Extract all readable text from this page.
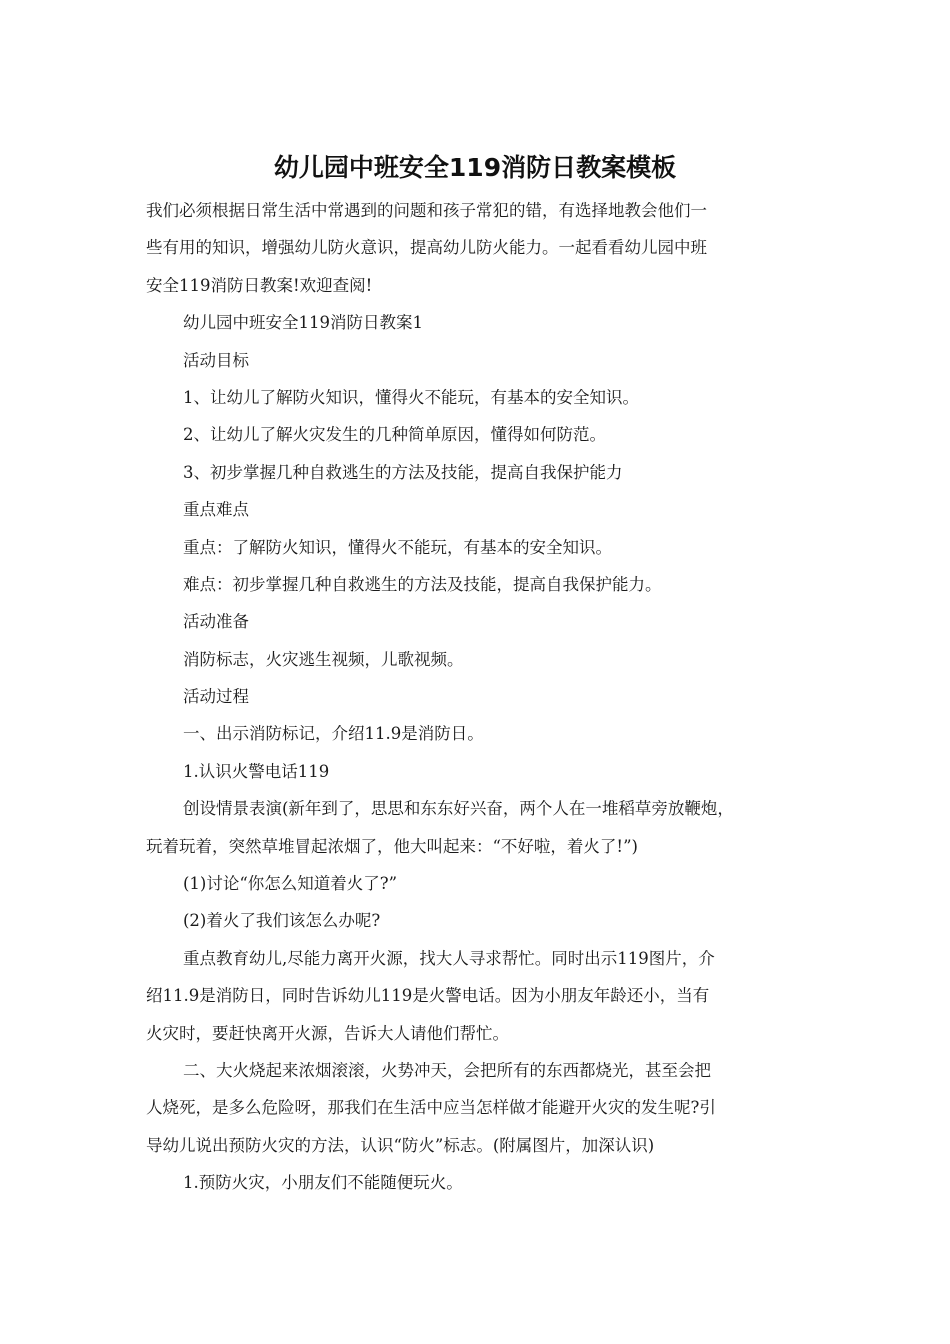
幼儿园中班安全119消防日教案模板
我们必须根据日常生活中常遇到的问题和孩子常犯的错，有选择地教会他们一
些有用的知识，增强幼儿防火意识，提高幼儿防火能力。一起看看幼儿园中班
安全119消防日教案!欢迎查阅!
幼儿园中班安全119消防日教案1
活动目标
1、让幼儿了解防火知识，懂得火不能玩，有基本的安全知识。
2、让幼儿了解火灾发生的几种简单原因，懂得如何防范。
3、初步掌握几种自救逃生的方法及技能，提高自我保护能力
重点难点
重点：了解防火知识，懂得火不能玩，有基本的安全知识。
难点：初步掌握几种自救逃生的方法及技能，提高自我保护能力。
活动准备
消防标志，火灾逃生视频，儿歌视频。
活动过程
一、出示消防标记，介绍11.9是消防日。
1.认识火警电话119
创设情景表演(新年到了，思思和东东好兴奋，两个人在一堆稻草旁放鞭炮，
玩着玩着，突然草堆冒起浓烟了，他大叫起来：“不好啦，着火了!”)
(1)讨论“你怎么知道着火了?”
(2)着火了我们该怎么办呢?
重点教育幼儿,尽能力离开火源，找大人寻求帮忙。同时出示119图片，介
绍11.9是消防日，同时告诉幼儿119是火警电话。因为小朋友年龄还小，当有
火灾时，要赶快离开火源，告诉大人请他们帮忙。
二、大火烧起来浓烟滚滚，火势冲天，会把所有的东西都烧光，甚至会把
人烧死，是多么危险呀，那我们在生活中应当怎样做才能避开火灾的发生呢?引
导幼儿说出预防火灾的方法，认识“防火”标志。(附属图片，加深认识)
1.预防火灾，小朋友们不能随便玩火。
